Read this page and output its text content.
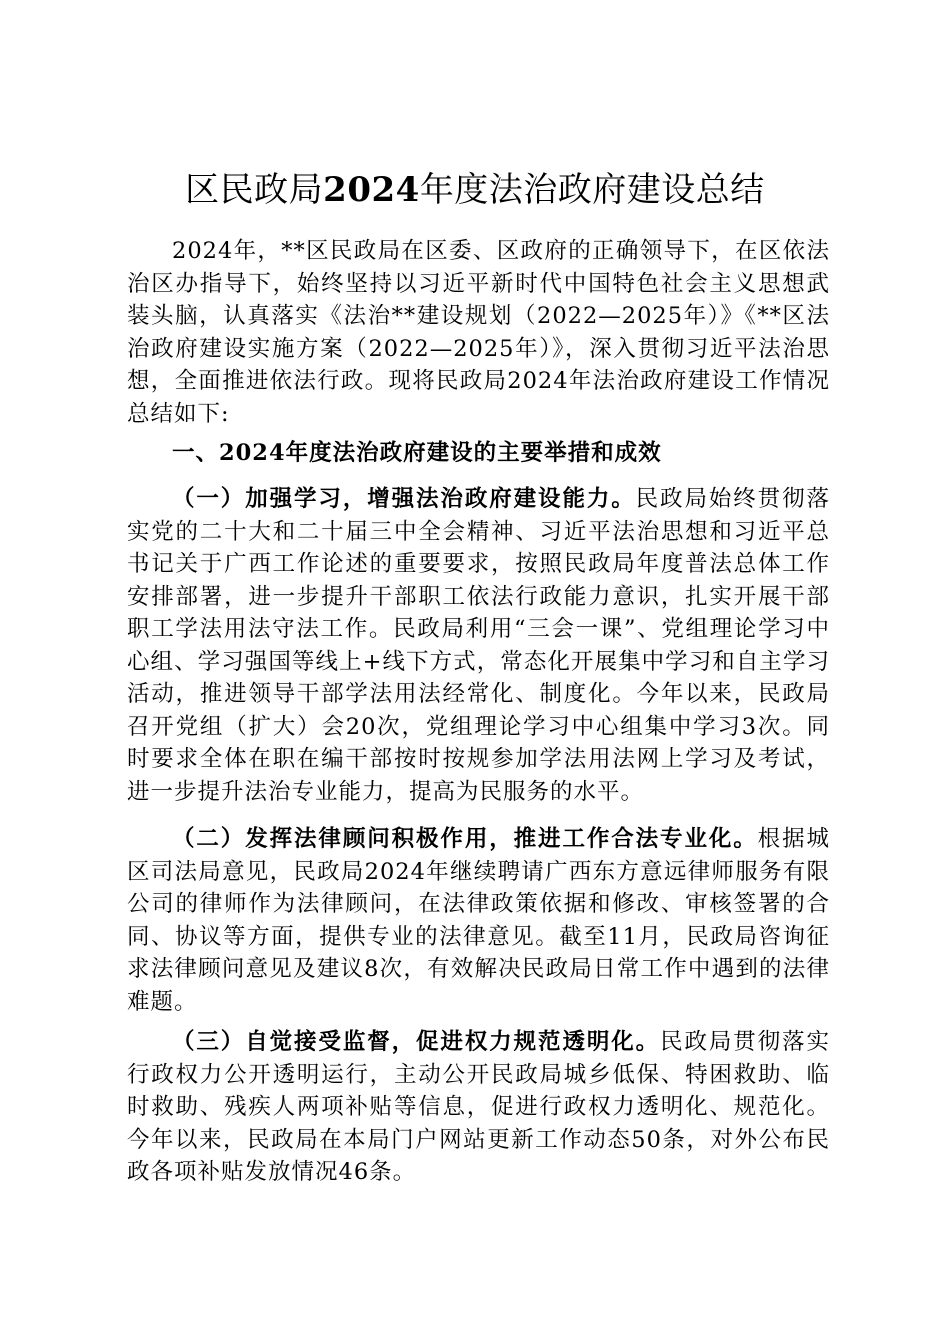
区民政局2024年度法治政府建设总结

2024年，**区民政局在区委、区政府的正确领导下，在区依法治区办指导下，始终坚持以习近平新时代中国特色社会主义思想武装头脑，认真落实《法治**建设规划（2022—2025年）》《**区法治政府建设实施方案（2022—2025年）》，深入贯彻习近平法治思想，全面推进依法行政。现将民政局2024年法治政府建设工作情况总结如下:

一、2024年度法治政府建设的主要举措和成效

（一）加强学习，增强法治政府建设能力。民政局始终贯彻落实党的二十大和二十届三中全会精神、习近平法治思想和习近平总书记关于广西工作论述的重要要求，按照民政局年度普法总体工作安排部署，进一步提升干部职工依法行政能力意识，扎实开展干部职工学法用法守法工作。民政局利用“三会一课”、党组理论学习中心组、学习强国等线上+线下方式，常态化开展集中学习和自主学习活动，推进领导干部学法用法经常化、制度化。今年以来，民政局召开党组（扩大）会20次，党组理论学习中心组集中学习3次。同时要求全体在职在编干部按时按规参加学法用法网上学习及考试，进一步提升法治专业能力，提高为民服务的水平。

（二）发挥法律顾问积极作用，推进工作合法专业化。根据城区司法局意见，民政局2024年继续聘请广西东方意远律师服务有限公司的律师作为法律顾问，在法律政策依据和修改、审核签署的合同、协议等方面，提供专业的法律意见。截至11月，民政局咨询征求法律顾问意见及建议8次，有效解决民政局日常工作中遇到的法律难题。

（三）自觉接受监督，促进权力规范透明化。民政局贯彻落实行政权力公开透明运行，主动公开民政局城乡低保、特困救助、临时救助、残疾人两项补贴等信息，促进行政权力透明化、规范化。今年以来，民政局在本局门户网站更新工作动态50条，对外公布民政各项补贴发放情况46条。
